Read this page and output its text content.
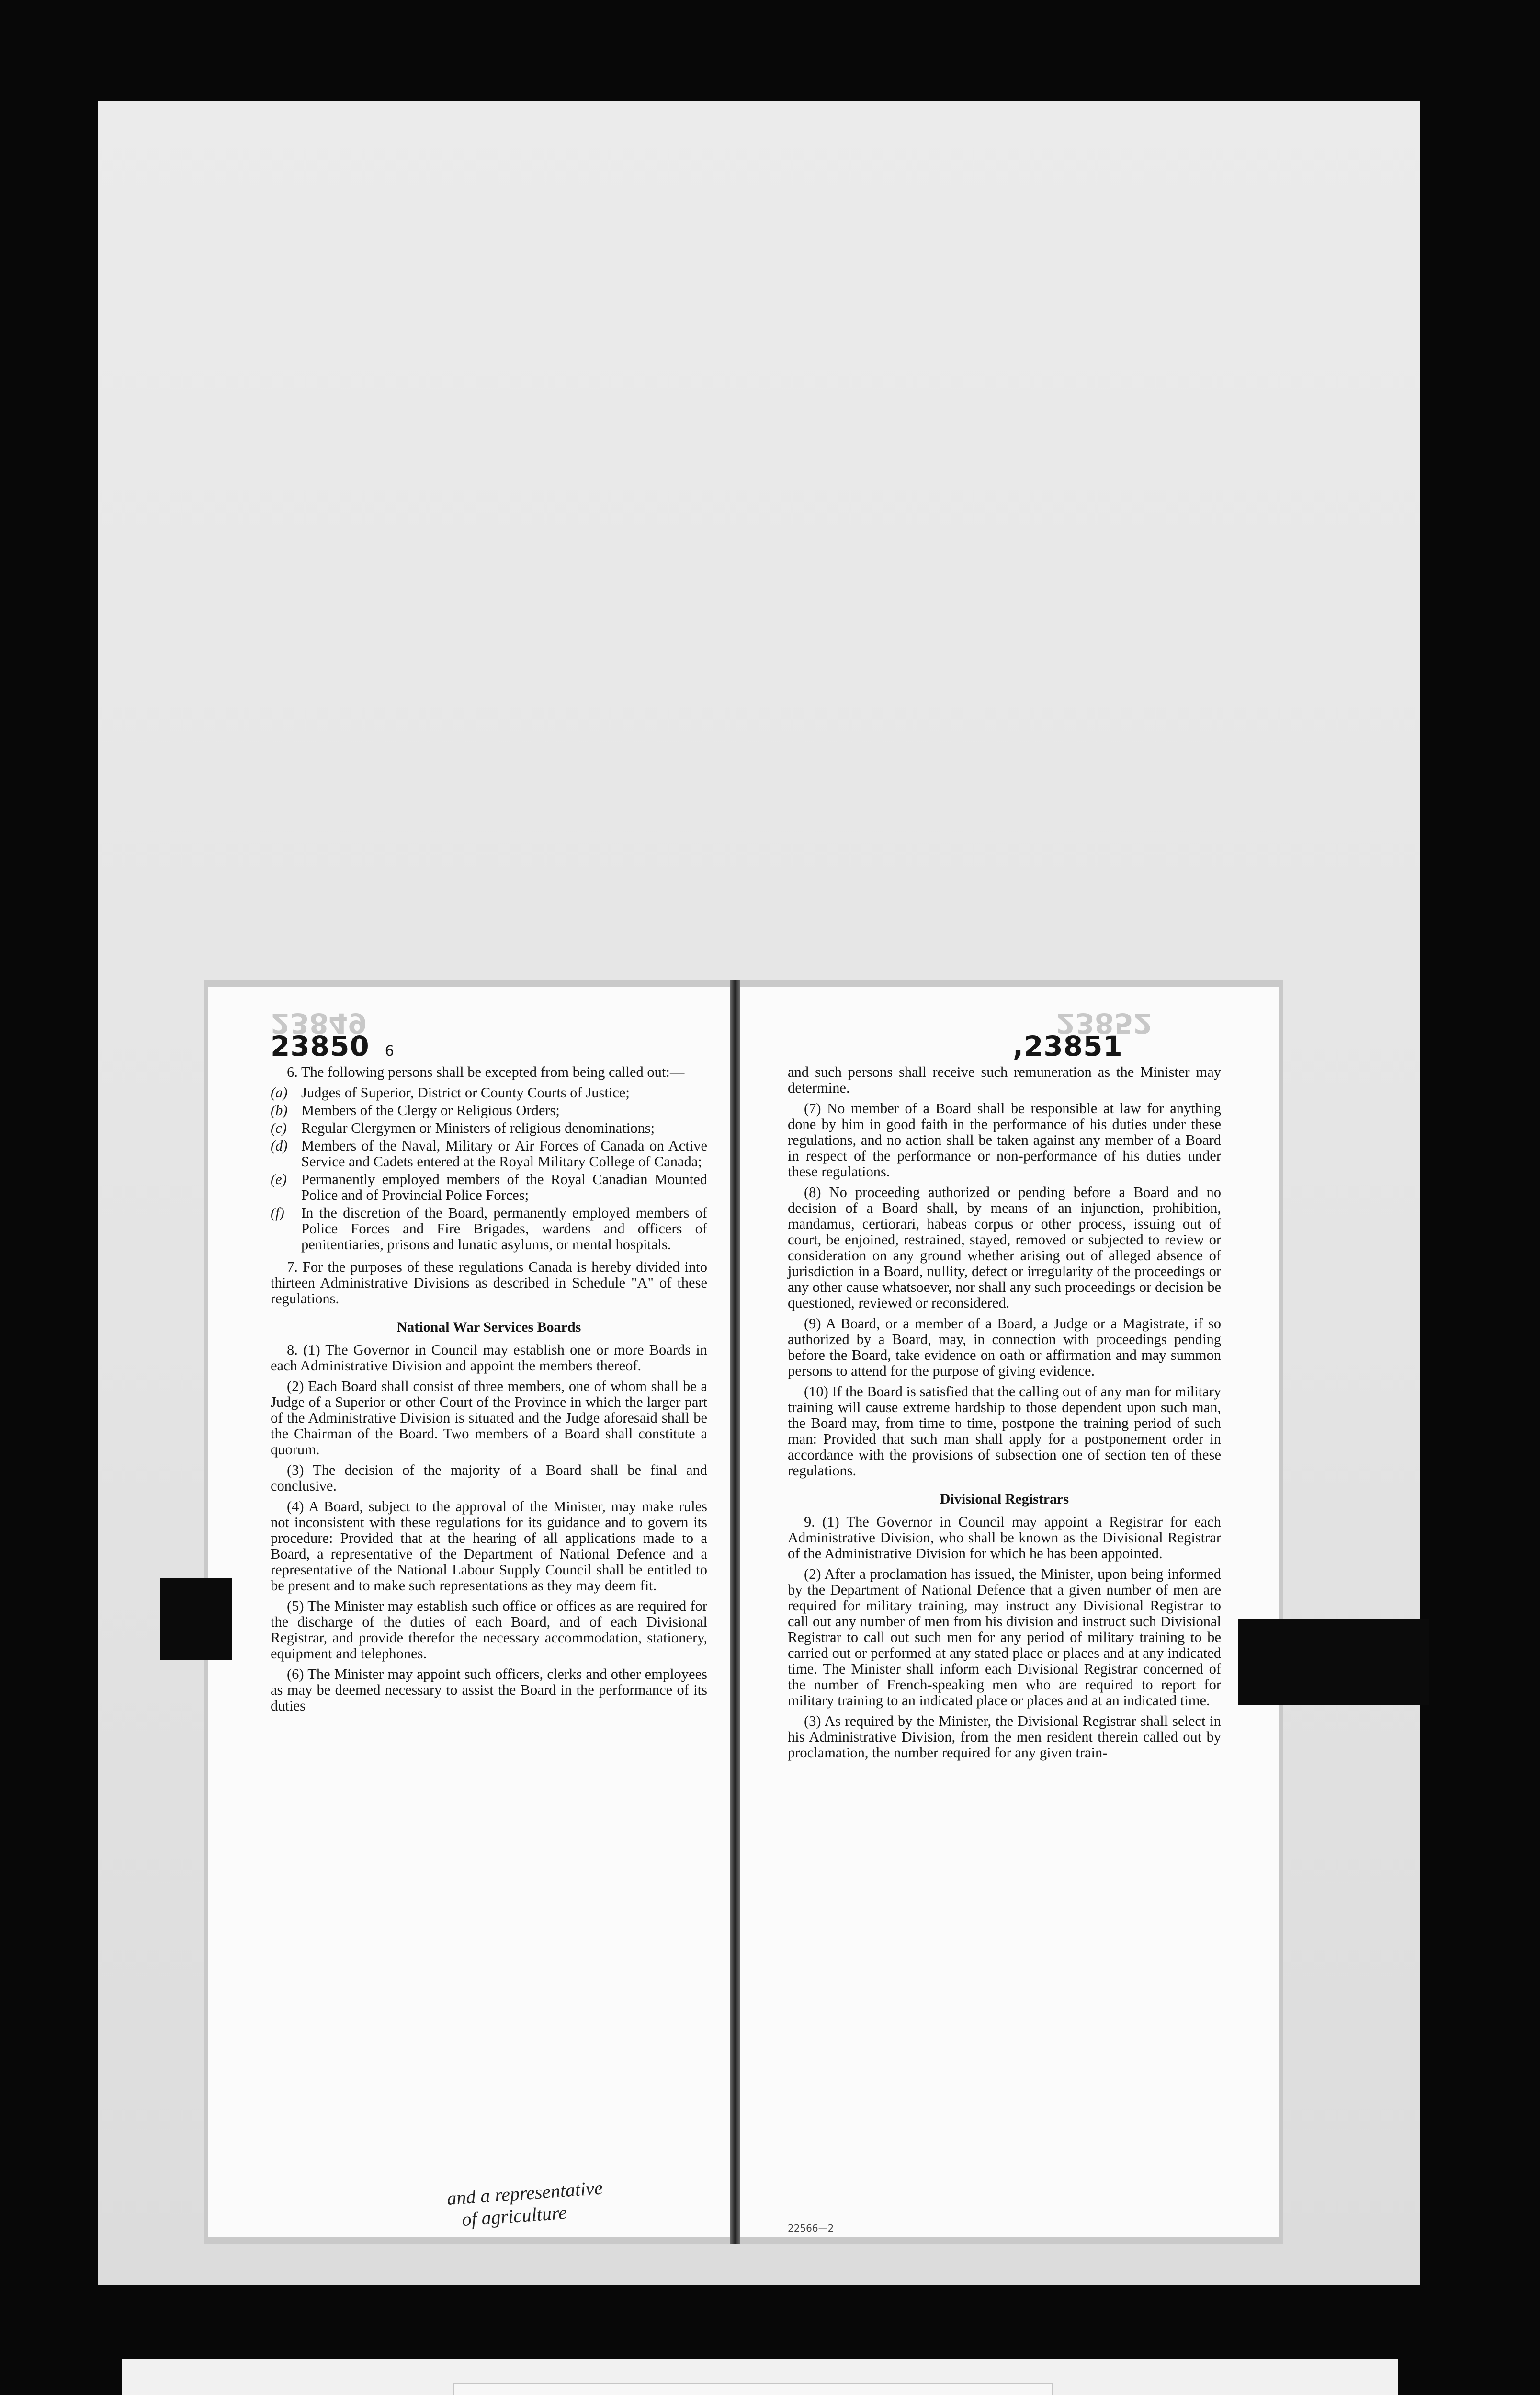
23849
23850 6

6. The following persons shall be excepted from being called out:—

(a) Judges of Superior, District or County Courts of Justice;
(b) Members of the Clergy or Religious Orders;
(c) Regular Clergymen or Ministers of religious denominations;
(d) Members of the Naval, Military or Air Forces of Canada on Active Service and Cadets entered at the Royal Military College of Canada;
(e) Permanently employed members of the Royal Canadian Mounted Police and of Provincial Police Forces;
(f)	In the discretion of the Board, permanently employed members of Police Forces and Fire Brigades, wardens and officers of penitentiaries, prisons and lunatic asylums, or mental hospitals.

7. For the purposes of these regulations Canada is hereby divided into thirteen Administrative Divisions as described in Schedule "A" of these regulations.

National War Services Boards

8. (1) The Governor in Council may establish one or more Boards in each Administrative Division and appoint the members thereof.

(2) Each Board shall consist of three members, one of whom shall be a Judge of a Superior or other Court of the Province in which the larger part of the Administrative Division is situated and the Judge aforesaid shall be the Chairman of the Board. Two members of a Board shall constitute a quorum.

(3) The decision of the majority of a Board shall be final and conclusive.

(4) A Board, subject to the approval of the Minister, may make rules not inconsistent with these regulations for its guidance and to govern its procedure: Provided that at the hearing of all applications made to a Board, a representative of the Department of National Defence and a representative of the National Labour Supply Council shall be entitled to be present and to make such representations as they may deem fit.

(5) The Minister may establish such office or offices as are required for the discharge of the duties of each Board, and of each Divisional Registrar, and provide therefor the necessary accommodation, stationery, equipment and telephones.

(6) The Minister may appoint such officers, clerks and other employees as may be deemed necessary to assist the Board in the performance of its duties

and a representative
of agriculture
23852
,23851

and such persons shall receive such remuneration as the Minister may determine.

(7) No member of a Board shall be responsible at law for anything done by him in good faith in the performance of his duties under these regulations, and no action shall be taken against any member of a Board in respect of the performance or non-performance of his duties under these regulations.

(8) No proceeding authorized or pending before a Board and no decision of a Board shall, by means of an injunction, prohibition, mandamus, certiorari, habeas corpus or other process, issuing out of court, be enjoined, restrained, stayed, removed or subjected to review or consideration on any ground whether arising out of alleged absence of jurisdiction in a Board, nullity, defect or irregularity of the proceedings or any other cause whatsoever, nor shall any such proceedings or decision be questioned, reviewed or reconsidered.

(9) A Board, or a member of a Board, a Judge or a Magistrate, if so authorized by a Board, may, in connection with proceedings pending before the Board, take evidence on oath or affirmation and may summon persons to attend for the purpose of giving evidence.

(10) If the Board is satisfied that the calling out of any man for military training will cause extreme hardship to those dependent upon such man, the Board may, from time to time, postpone the training period of such man: Provided that such man shall apply for a postponement order in accordance with the provisions of subsection one of section ten of these regulations.

Divisional Registrars

9. (1) The Governor in Council may appoint a Registrar for each Administrative Division, who shall be known as the Divisional Registrar of the Administrative Division for which he has been appointed.

(2) After a proclamation has issued, the Minister, upon being informed by the Department of National Defence that a given number of men are required for military training, may instruct any Divisional Registrar to call out any number of men from his division and instruct such Divisional Registrar to call out such men for any period of military training to be carried out or performed at any stated place or places and at any indicated time. The Minister shall inform each Divisional Registrar concerned of the number of French-speaking men who are required to report for military training to an indicated place or places and at an indicated time.

(3) As required by the Minister, the Divisional Registrar shall select in his Administrative Division, from the men resident therein called out by proclamation, the number required for any given train-

22566—2
